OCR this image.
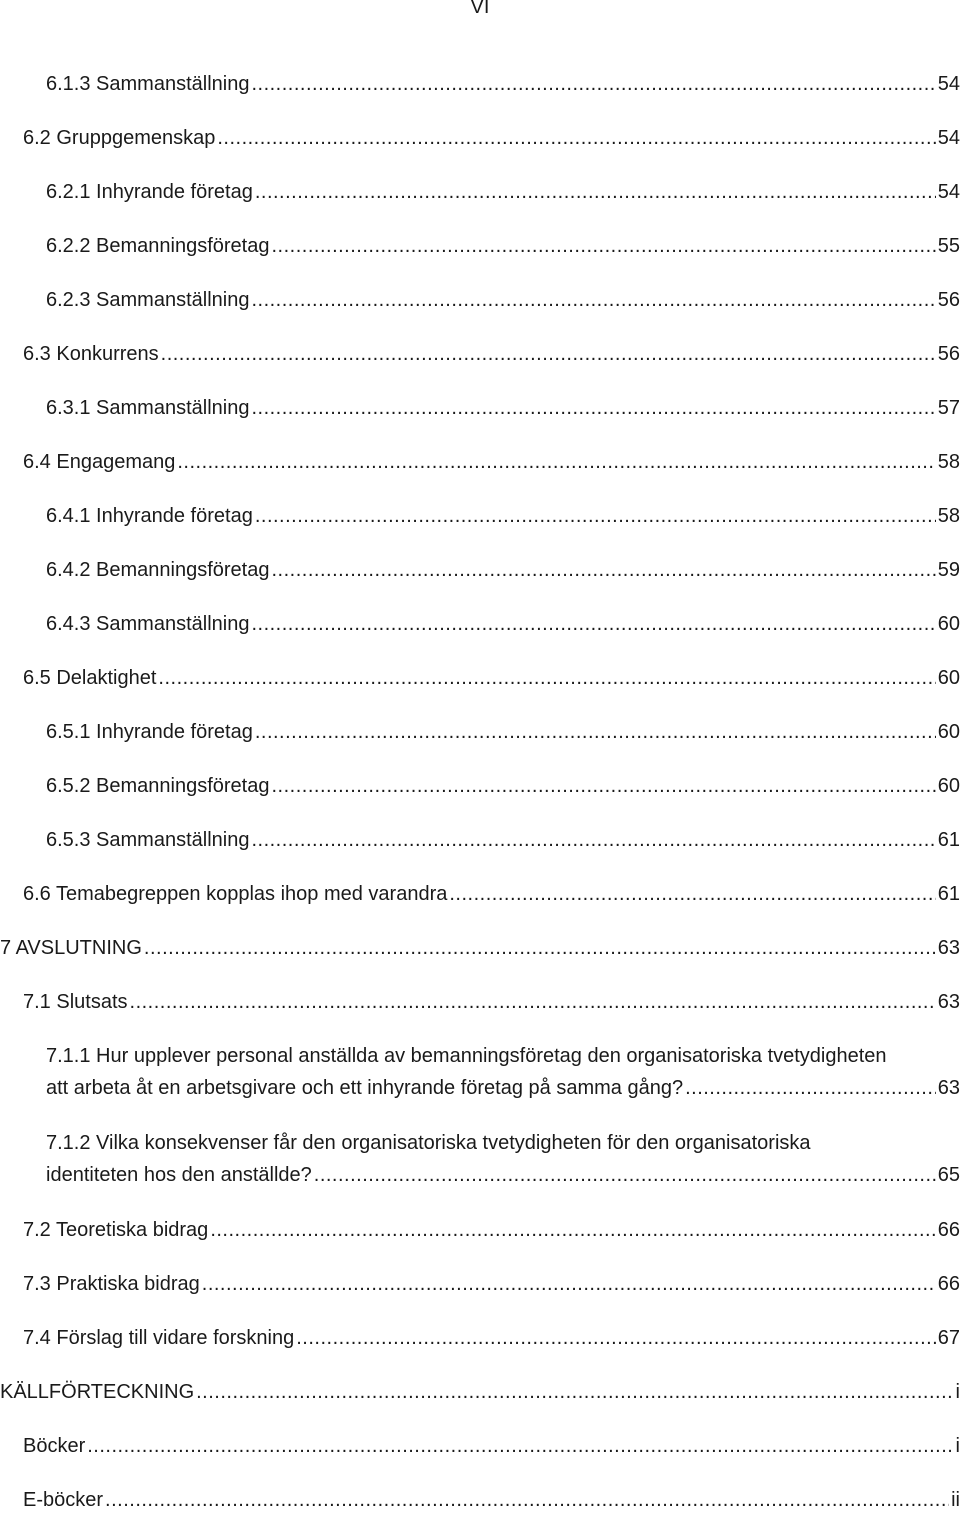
VI
6.1.3 Sammanställning .....	54
6.2 Gruppgemenskap .....	54
6.2.1 Inhyrande företag .....	54
6.2.2 Bemanningsföretag .....	55
6.2.3 Sammanställning .....	56
6.3 Konkurrens .....	56
6.3.1 Sammanställning .....	57
6.4 Engagemang .....	58
6.4.1 Inhyrande företag .....	58
6.4.2 Bemanningsföretag .....	59
6.4.3 Sammanställning .....	60
6.5 Delaktighet .....	60
6.5.1 Inhyrande företag .....	60
6.5.2 Bemanningsföretag .....	60
6.5.3 Sammanställning .....	61
6.6 Temabegreppen kopplas ihop med varandra .....	61
7 AVSLUTNING .....	63
7.1 Slutsats .....	63
7.1.1 Hur upplever personal anställda av bemanningsföretag den organisatoriska tvetydigheten
att arbeta åt en arbetsgivare och ett inhyrande företag på samma gång? .....	63
7.1.2 Vilka konsekvenser får den organisatoriska tvetydigheten för den organisatoriska
identiteten hos den anställde? .....	65
7.2 Teoretiska bidrag .....	66
7.3 Praktiska bidrag .....	66
7.4 Förslag till vidare forskning .....	67
KÄLLFÖRTECKNING .....	i
Böcker .....	i
E-böcker .....	ii
